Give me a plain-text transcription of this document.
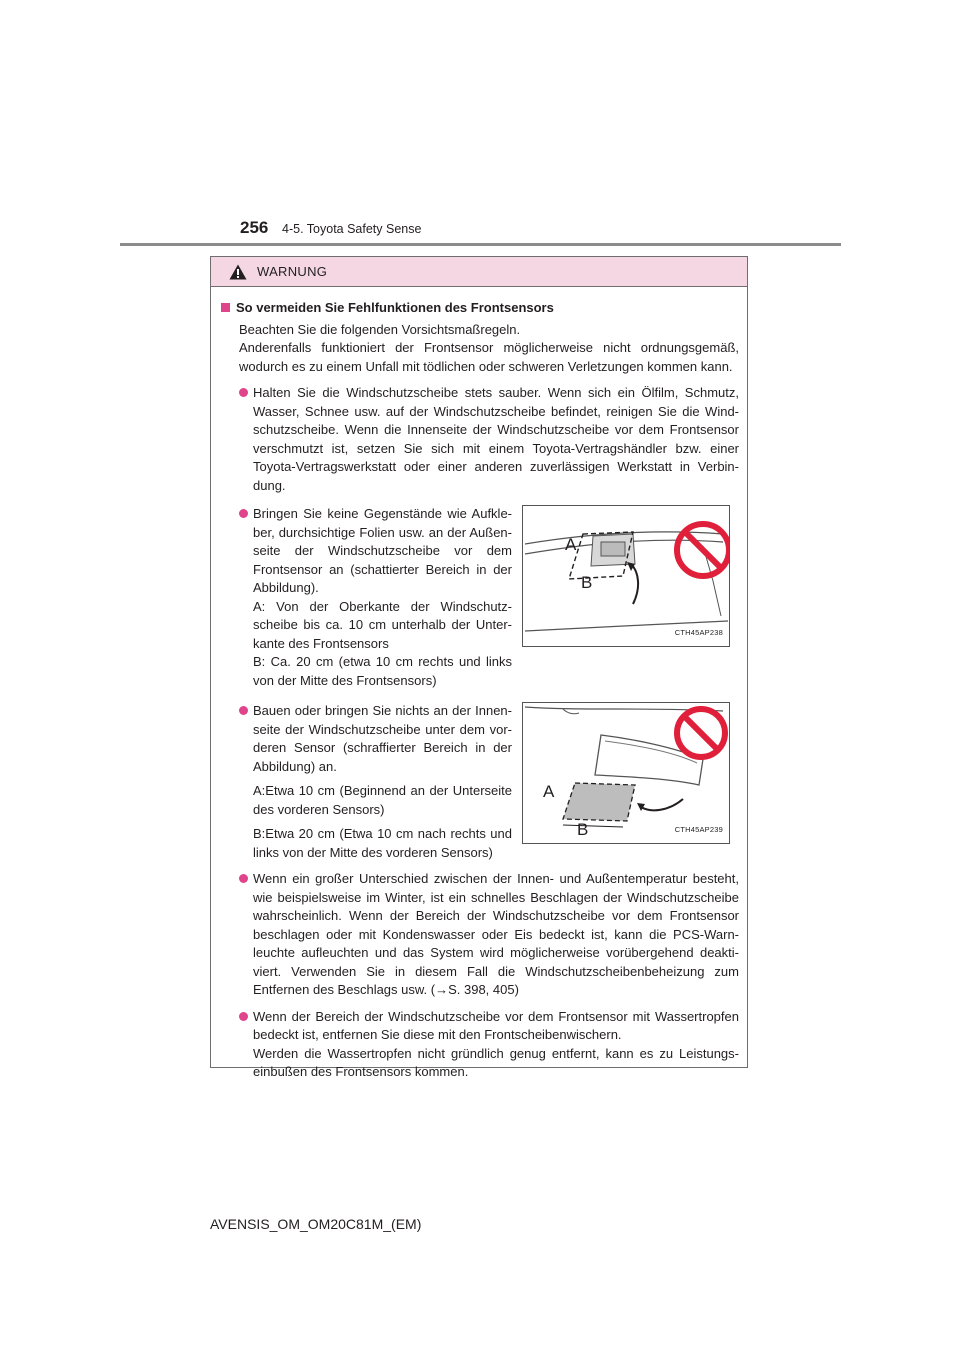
256 4-5. Toyota Safety Sense
WARNUNG
So vermeiden Sie Fehlfunktionen des Frontsensors
Beachten Sie die folgenden Vorsichtsmaßregeln.
Anderenfalls funktioniert der Frontsensor möglicherweise nicht ordnungsgemäß, wodurch es zu einem Unfall mit tödlichen oder schweren Verletzungen kommen kann.
Halten Sie die Windschutzscheibe stets sauber. Wenn sich ein Ölfilm, Schmutz, Wasser, Schnee usw. auf der Windschutzscheibe befindet, reinigen Sie die Wind-schutzscheibe. Wenn die Innenseite der Windschutzscheibe vor dem Frontsensor verschmutzt ist, setzen Sie sich mit einem Toyota-Vertragshändler bzw. einer Toyota-Vertragswerkstatt oder einer anderen zuverlässigen Werkstatt in Verbin-dung.
Bringen Sie keine Gegenstände wie Aufkle-ber, durchsichtige Folien usw. an der Außen-seite der Windschutzscheibe vor dem Frontsensor an (schattierter Bereich in der Abbildung).
A: Von der Oberkante der Windschutz-scheibe bis ca. 10 cm unterhalb der Unter-kante des Frontsensors
B: Ca. 20 cm (etwa 10 cm rechts und links von der Mitte des Frontsensors)
A
B
CTH45AP238
Bauen oder bringen Sie nichts an der Innen-seite der Windschutzscheibe unter dem vor-deren Sensor (schraffierter Bereich in der Abbildung) an.
A:Etwa 10 cm (Beginnend an der Unterseite des vorderen Sensors)
B:Etwa 20 cm (Etwa 10 cm nach rechts und links von der Mitte des vorderen Sensors)
A
B	CTH45AP239
Wenn ein großer Unterschied zwischen der Innen- und Außentemperatur besteht, wie beispielsweise im Winter, ist ein schnelles Beschlagen der Windschutzscheibe wahrscheinlich. Wenn der Bereich der Windschutzscheibe vor dem Frontsensor beschlagen oder mit Kondenswasser oder Eis bedeckt ist, kann die PCS-Warn-leuchte aufleuchten und das System wird möglicherweise vorübergehend deakti-viert. Verwenden Sie in diesem Fall die Windschutzscheibenbeheizung zum Entfernen des Beschlags usw. (→S. 398, 405)
Wenn der Bereich der Windschutzscheibe vor dem Frontsensor mit Wassertropfen bedeckt ist, entfernen Sie diese mit den Frontscheibenwischern.
Werden die Wassertropfen nicht gründlich genug entfernt, kann es zu Leistungs-einbußen des Frontsensors kommen.
AVENSIS_OM_OM20C81M_(EM)
